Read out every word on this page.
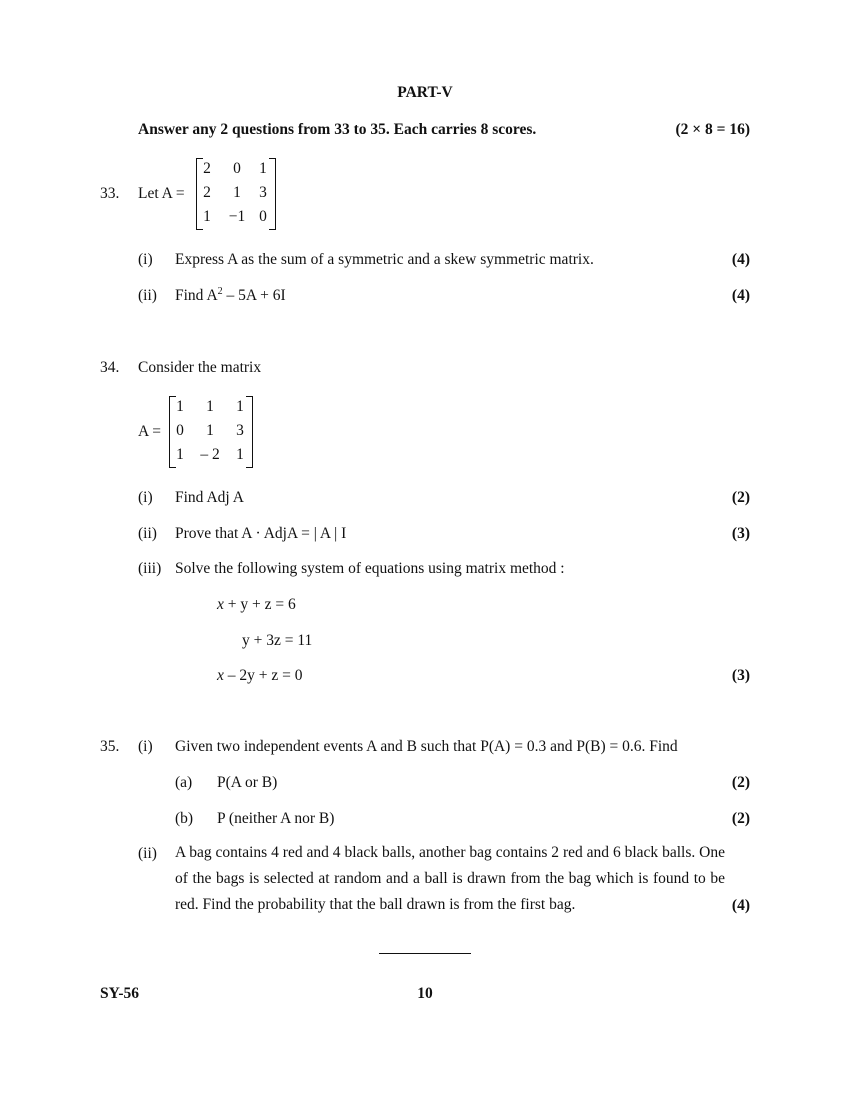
PART-V
Answer any 2 questions from 33 to 35. Each carries 8 scores.	(2 × 8 = 16)
33. Let A =
2	0	1
2	1	3
1	−1 0
(i) Express A as the sum of a symmetric and a skew symmetric matrix.	(4)
(ii) Find $A^2 - 5A + 6I$	(4)
34. Consider the matrix
A =
1	1	1
0	1	3
1	– 2	1
(i) Find Adj A	(2)
(ii) Prove that A · AdjA = | A | I	(3)
(iii) Solve the following system of equations using matrix method :
x + y + z = 6
y + 3z = 11
x – 2y + z = 0	(3)
35. (i) Given two independent events A and B such that P(A) = 0.3 and P(B) = 0.6. Find
(a) P(A or B)	(2)
(b) P (neither A nor B)	(2)
(ii) A bag contains 4 red and 4 black balls, another bag contains 2 red and 6 black balls. One of the bags is selected at random and a ball is drawn from the bag which is found to be red. Find the probability that the ball drawn is from the first bag.	(4)
SY-56	10
